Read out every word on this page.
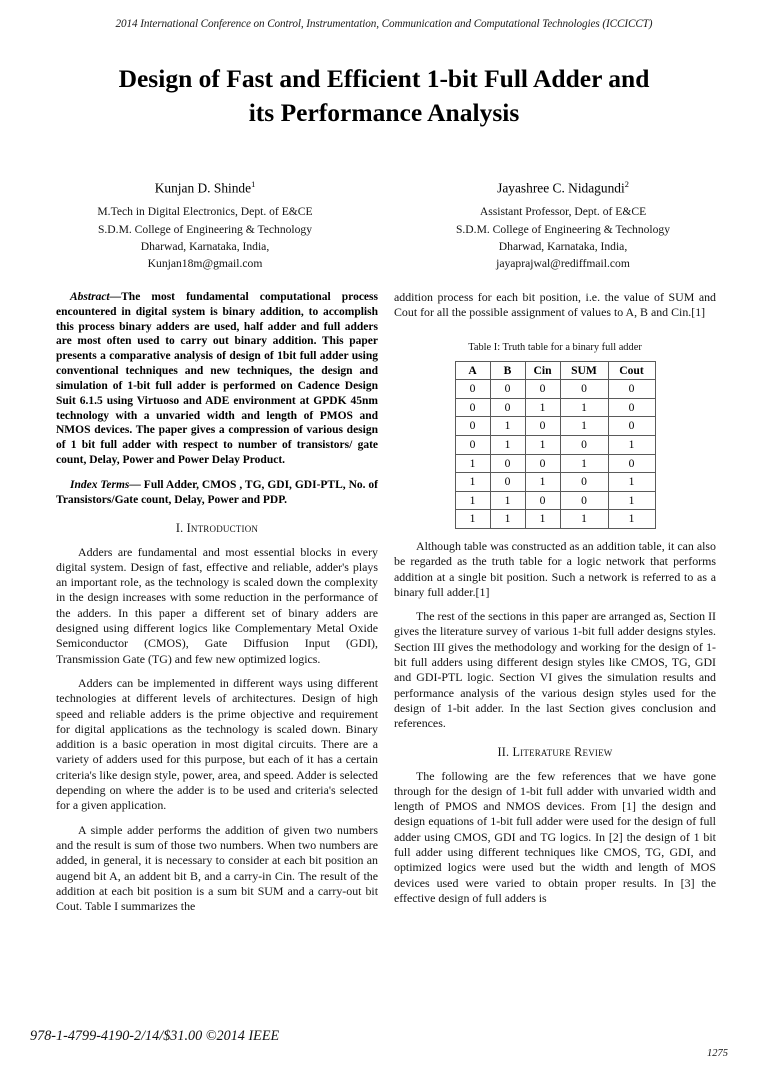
2014 International Conference on Control, Instrumentation, Communication and Computational Technologies (ICCICCT)
Design of Fast and Efficient 1-bit Full Adder and
its Performance Analysis
Kunjan D. Shinde$^1$
M.Tech in Digital Electronics, Dept. of E&CE
S.D.M. College of Engineering & Technology
Dharwad, Karnataka, India,
Kunjan18m@gmail.com
Jayashree C. Nidagundi$^2$
Assistant Professor, Dept. of E&CE
S.D.M. College of Engineering & Technology
Dharwad, Karnataka, India,
jayaprajwal@rediffmail.com

Abstract—The most fundamental computational process encountered in digital system is binary addition, to accomplish this process binary adders are used, half adder and full adders are most often used to carry out binary addition. This paper presents a comparative analysis of design of 1bit full adder using conventional techniques and new techniques, the design and simulation of 1-bit full adder is performed on Cadence Design Suit 6.1.5 using Virtuoso and ADE environment at GPDK 45nm technology with a unvaried width and length of PMOS and NMOS devices. The paper gives a compression of various design of 1 bit full adder with respect to number of transistors/ gate count, Delay, Power and Power Delay Product.

Index Terms— Full Adder, CMOS , TG, GDI, GDI-PTL, No. of Transistors/Gate count, Delay, Power and PDP.

I. Introduction

Adders are fundamental and most essential blocks in every digital system. Design of fast, effective and reliable, adder's plays an important role, as the technology is scaled down the complexity in the design increases with some reduction in the performance of the adders. In this paper a different set of binary adders are designed using different logics like Complementary Metal Oxide Semiconductor (CMOS), Gate Diffusion Input (GDI), Transmission Gate (TG) and few new optimized logics.

Adders can be implemented in different ways using different technologies at different levels of architectures. Design of high speed and reliable adders is the prime objective and requirement for digital applications as the technology is scaled down. Binary addition is a basic operation in most digital circuits. There are a variety of adders used for this purpose, but each of it has a certain criteria's like design style, power, area, and speed. Adder is selected depending on where the adder is to be used and criteria's selected for a given application.

A simple adder performs the addition of given two numbers and the result is sum of those two numbers. When two numbers are added, in general, it is necessary to consider at each bit position an augend bit A, an addent bit B, and a carry-in Cin. The result of the addition at each bit position is a sum bit SUM and a carry-out bit Cout. Table I summarizes the

addition process for each bit position, i.e. the value of SUM and Cout for all the possible assignment of values to A, B and Cin.[1]

Table I: Truth table for a binary full adder
A	B	Cin	SUM	Cout
0	0	0	0	0
0	0	1	1	0
0	1	0	1	0
0	1	1	0	1
1	0	0	1	0
1	0	1	0	1
1	1	0	0	1
1	1	1	1	1

Although table was constructed as an addition table, it can also be regarded as the truth table for a logic network that performs addition at a single bit position. Such a network is referred to as a binary full adder.[1]

The rest of the sections in this paper are arranged as, Section II gives the literature survey of various 1-bit full adder designs styles. Section III gives the methodology and working for the design of 1-bit full adders using different design styles like CMOS, TG, GDI and GDI-PTL logic. Section VI gives the simulation results and performance analysis of the various design styles used for the design of 1-bit adder. In the last Section gives conclusion and references.

II. Literature Review

The following are the few references that we have gone through for the design of 1-bit full adder with unvaried width and length of PMOS and NMOS devices. From [1] the design and design equations of 1-bit full adder were used for the design of full adder using CMOS, GDI and TG logics. In [2] the design of 1 bit full adder using different techniques like CMOS, TG, GDI, and optimized logics were used but the width and length of MOS devices used were varied to obtain proper results. In [3] the effective design of full adders is

978-1-4799-4190-2/14/$31.00 ©2014 IEEE
1275
